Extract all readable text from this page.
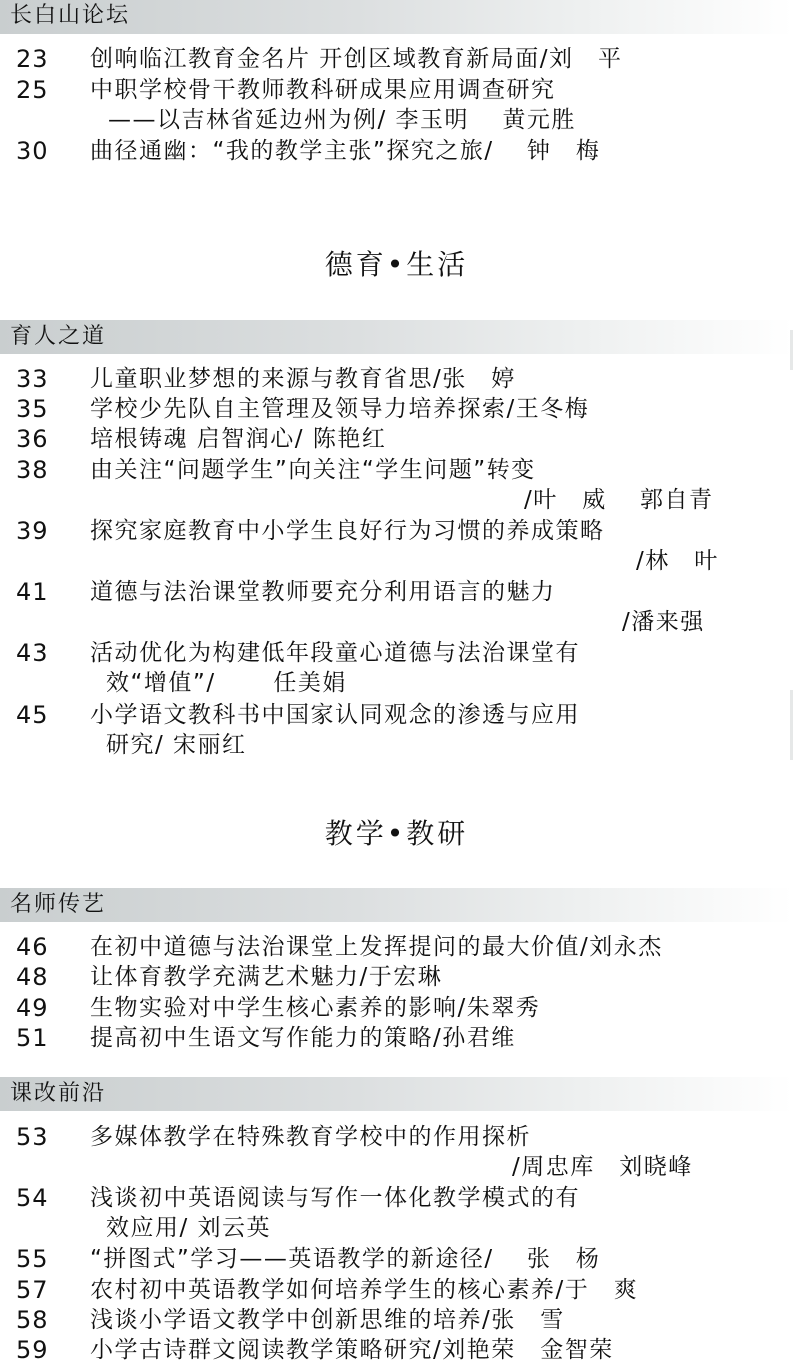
长白山论坛
23 创响临江教育金名片 开创区域教育新局面/刘　平
25 中职学校骨干教师教科研成果应用调查研究
——以吉林省延边州为例/ 李玉明　 黄元胜
30 曲径通幽：“我的教学主张”探究之旅/　 钟　梅
德育•生活
育人之道
33 儿童职业梦想的来源与教育省思/张　婷
35 学校少先队自主管理及领导力培养探索/王冬梅
36 培根铸魂 启智润心/ 陈艳红
38 由关注“问题学生”向关注“学生问题”转变
/叶　威　 郭自青
39 探究家庭教育中小学生良好行为习惯的养成策略
/林　叶
41 道德与法治课堂教师要充分利用语言的魅力
/潘来强
43 活动优化为构建低年段童心道德与法治课堂有
效“增值”/　　 任美娟
45 小学语文教科书中国家认同观念的渗透与应用
研究/ 宋丽红
教学•教研
名师传艺
46 在初中道德与法治课堂上发挥提问的最大价值/刘永杰
48 让体育教学充满艺术魅力/于宏琳
49 生物实验对中学生核心素养的影响/朱翠秀
51 提高初中生语文写作能力的策略/孙君维
课改前沿
53 多媒体教学在特殊教育学校中的作用探析
/周忠库　刘晓峰
54 浅谈初中英语阅读与写作一体化教学模式的有
效应用/ 刘云英
55 “拼图式”学习——英语教学的新途径/　 张　杨
57 农村初中英语教学如何培养学生的核心素养/于　爽
58 浅谈小学语文教学中创新思维的培养/张　雪
59 小学古诗群文阅读教学策略研究/刘艳荣　金智荣
